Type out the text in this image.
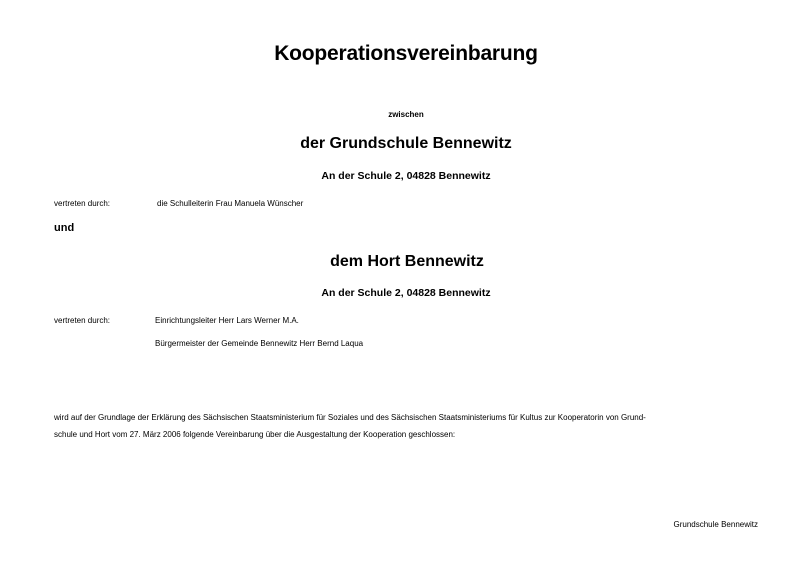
Kooperationsvereinbarung
zwischen
der Grundschule Bennewitz
An der Schule 2, 04828 Bennewitz
vertreten durch:	die Schulleiterin Frau Manuela Wünscher
und
dem Hort Bennewitz
An der Schule 2, 04828 Bennewitz
vertreten durch:	Einrichtungsleiter Herr Lars Werner M.A.
Bürgermeister der Gemeinde Bennewitz Herr Bernd Laqua
wird auf der Grundlage der Erklärung des Sächsischen Staatsministerium für Soziales und des Sächsischen Staatsministeriums für Kultus zur Kooperatorin von Grund-
schule und Hort vom 27. März 2006 folgende Vereinbarung über die Ausgestaltung der Kooperation geschlossen:
Grundschule Bennewitz
